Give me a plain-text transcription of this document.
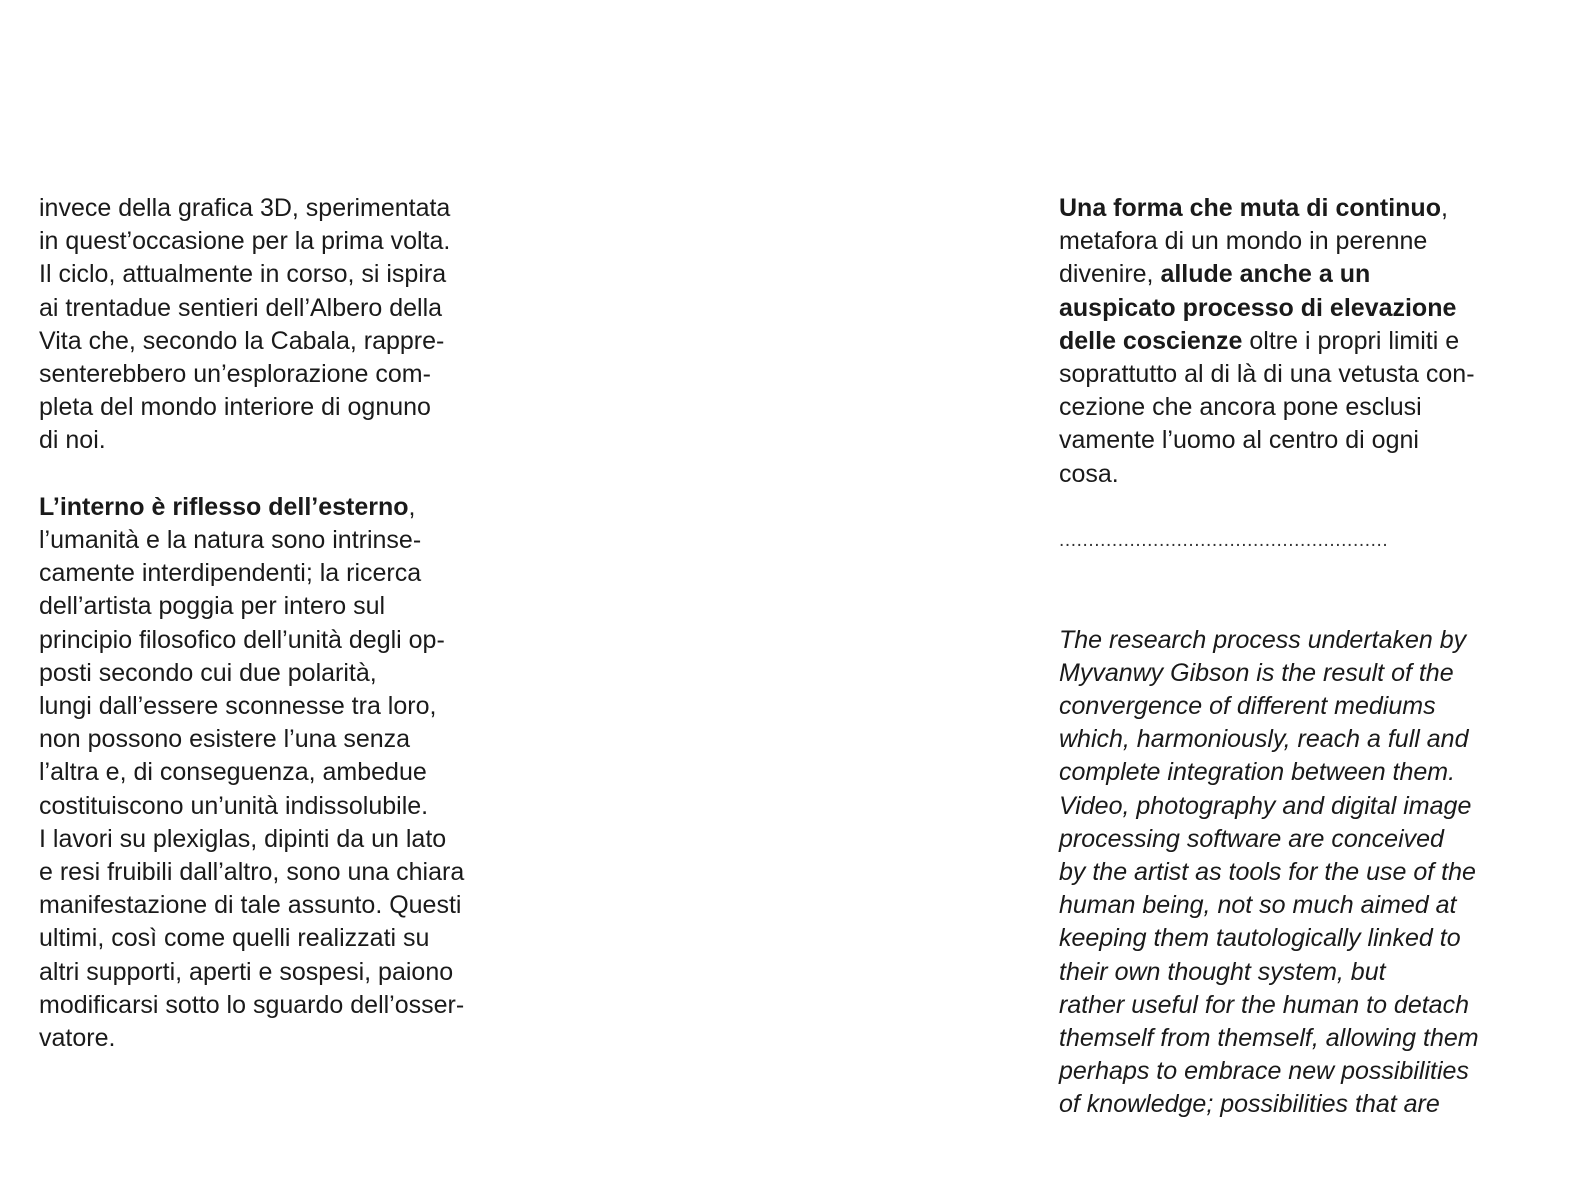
invece della grafica 3D, sperimentata
in quest’occasione per la prima volta.
Il ciclo, attualmente in corso, si ispira
ai trentadue sentieri dell’Albero della
Vita che, secondo la Cabala, rappre-
senterebbero un’esplorazione com-
pleta del mondo interiore di ognuno
di noi.
L’interno è riflesso dell’esterno,
l’umanità e la natura sono intrinse-
camente interdipendenti; la ricerca
dell’artista poggia per intero sul
principio filosofico dell’unità degli op-
posti secondo cui due polarità,
lungi dall’essere sconnesse tra loro,
non possono esistere l’una senza
l’altra e, di conseguenza, ambedue
costituiscono un’unità indissolubile.
I lavori su plexiglas, dipinti da un lato
e resi fruibili dall’altro, sono una chiara
manifestazione di tale assunto. Questi
ultimi, così come quelli realizzati su
altri supporti, aperti e sospesi, paiono
modificarsi sotto lo sguardo dell’osser-
vatore.
Una forma che muta di continuo,
metafora di un mondo in perenne
divenire, allude anche a un
auspicato processo di elevazione
delle coscienze oltre i propri limiti e
soprattutto al di là di una vetusta con-
cezione che ancora pone esclusi
vamente l’uomo al centro di ogni
cosa.
........................................................
The research process undertaken by
Myvanwy Gibson is the result of the
convergence of different mediums
which, harmoniously, reach a full and
complete integration between them.
Video, photography and digital image
processing software are conceived
by the artist as tools for the use of the
human being, not so much aimed at
keeping them tautologically linked to
their own thought system, but
rather useful for the human to detach
themself from themself, allowing them
perhaps to embrace new possibilities
of knowledge; possibilities that are
